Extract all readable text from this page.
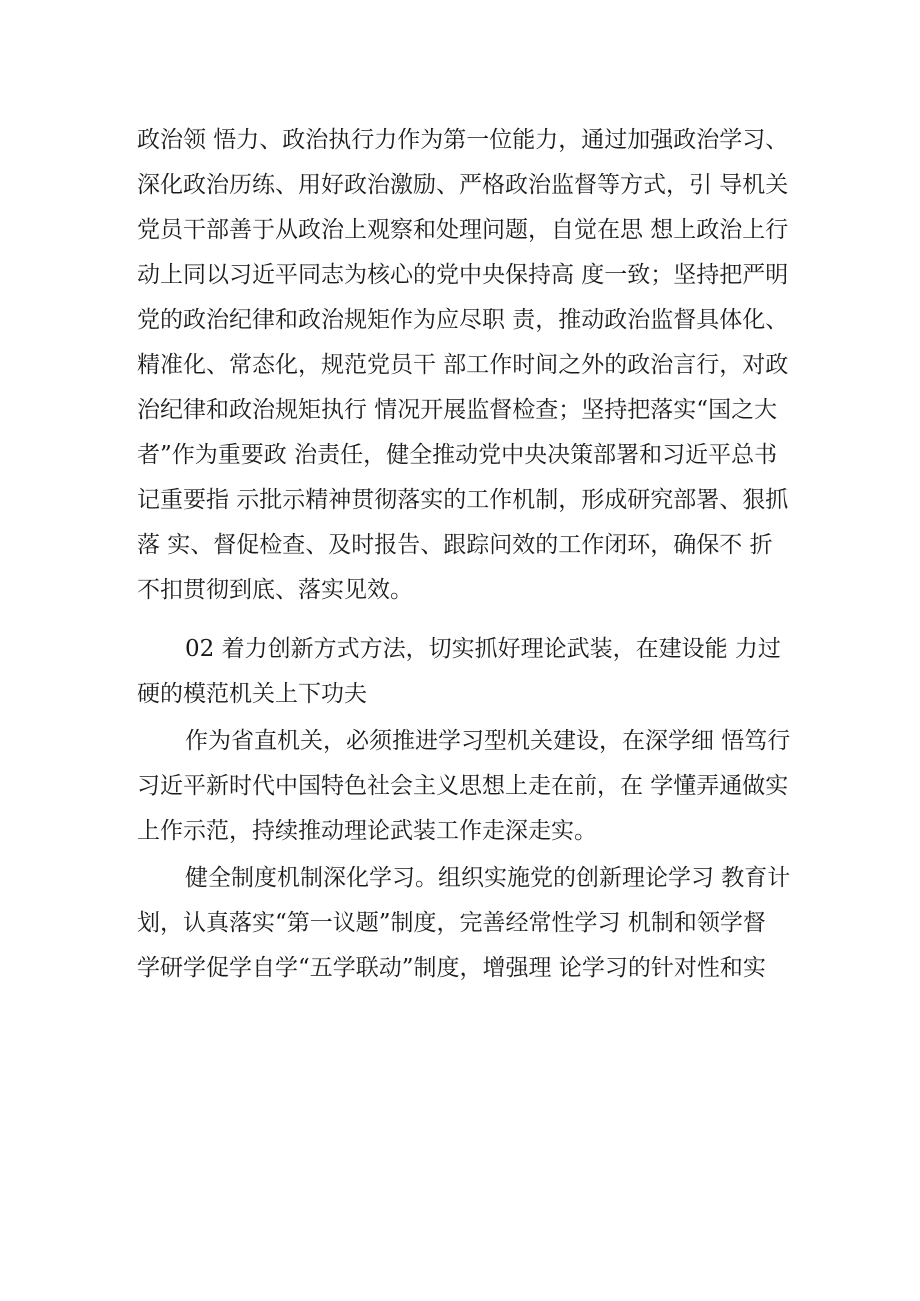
政治领 悟力、政治执行力作为第一位能力，通过加强政治学习、
深化政治历练、用好政治激励、严格政治监督等方式，引 导机关
党员干部善于从政治上观察和处理问题，自觉在思 想上政治上行
动上同以习近平同志为核心的党中央保持高 度一致；坚持把严明
党的政治纪律和政治规矩作为应尽职 责，推动政治监督具体化、
精准化、常态化，规范党员干 部工作时间之外的政治言行，对政
治纪律和政治规矩执行 情况开展监督检查；坚持把落实“国之大
者”作为重要政 治责任，健全推动党中央决策部署和习近平总书
记重要指 示批示精神贯彻落实的工作机制，形成研究部署、狠抓
落 实、督促检查、及时报告、跟踪问效的工作闭环，确保不 折
不扣贯彻到底、落实见效。
02 着力创新方式方法，切实抓好理论武装，在建设能 力过
硬的模范机关上下功夫
作为省直机关，必须推进学习型机关建设，在深学细 悟笃行
习近平新时代中国特色社会主义思想上走在前，在 学懂弄通做实
上作示范，持续推动理论武装工作走深走实。
健全制度机制深化学习。组织实施党的创新理论学习 教育计
划，认真落实“第一议题”制度，完善经常性学习 机制和领学督
学研学促学自学“五学联动”制度，增强理 论学习的针对性和实
